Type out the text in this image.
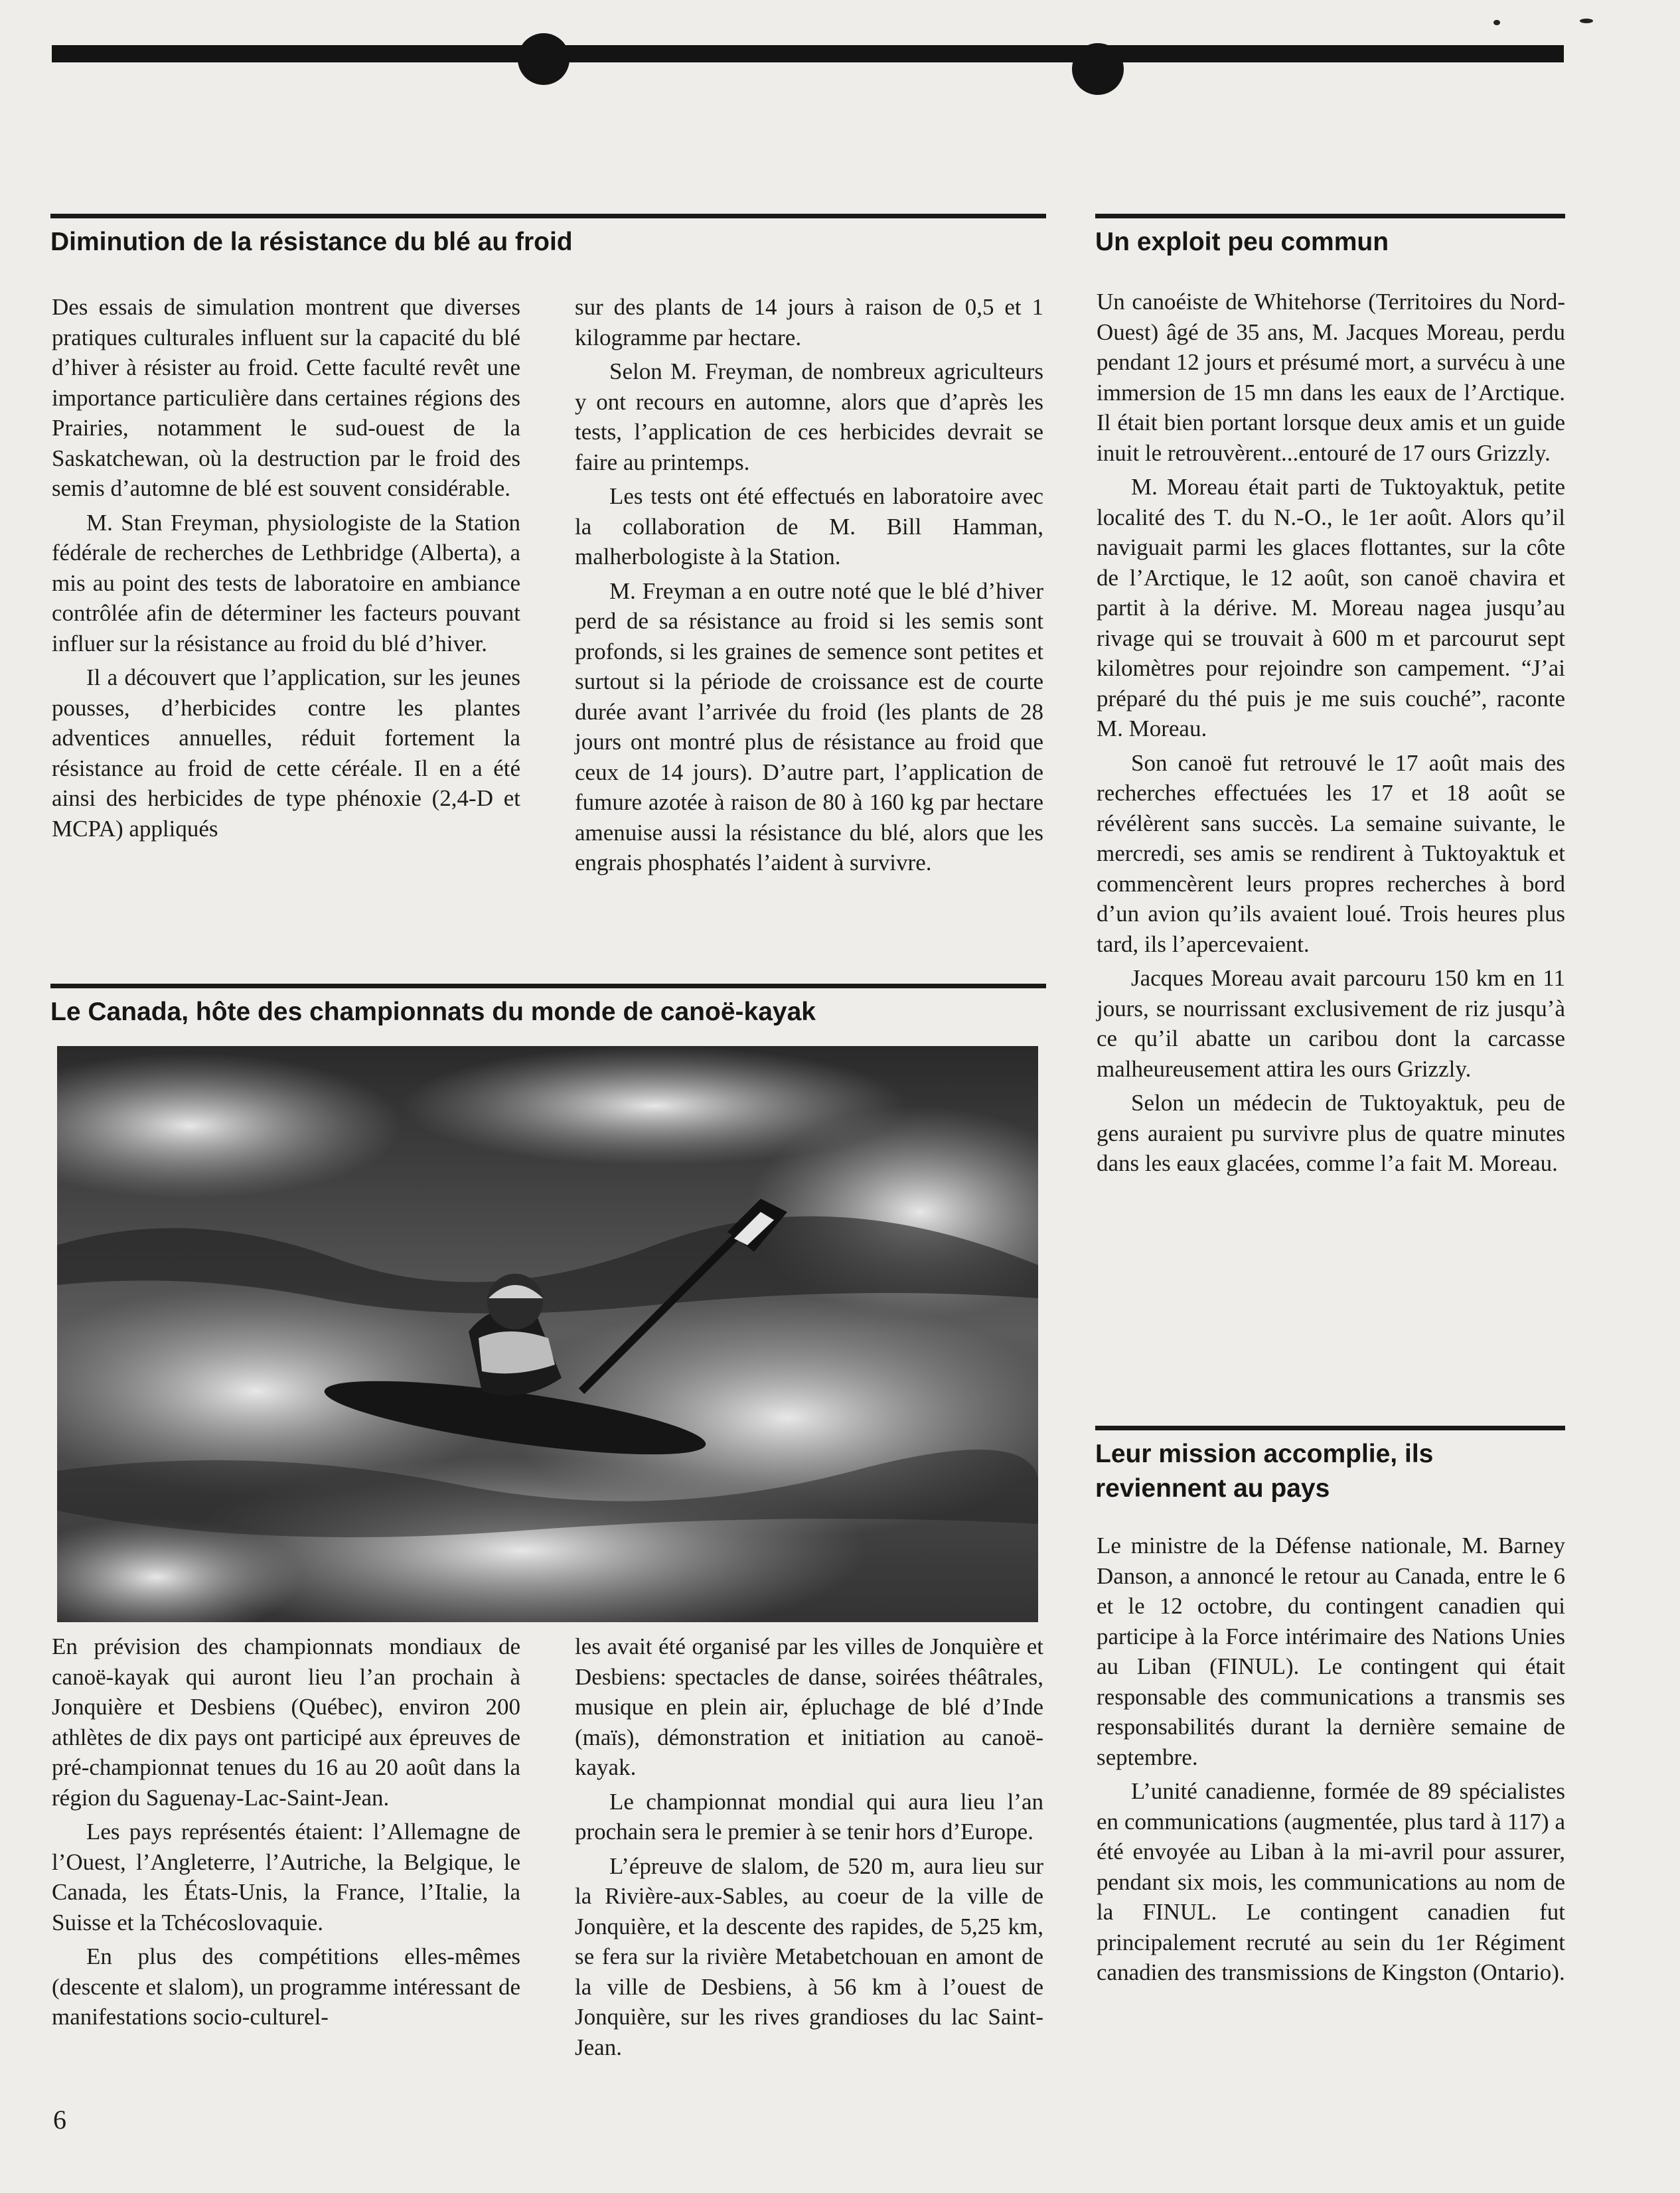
Diminution de la résistance du blé au froid

Des essais de simulation montrent que diverses pratiques culturales influent sur la capacité du blé d’hiver à résister au froid. Cette faculté revêt une importance particulière dans certaines régions des Prairies, notamment le sud-ouest de la Saskatchewan, où la destruction par le froid des semis d’automne de blé est souvent considérable.

M. Stan Freyman, physiologiste de la Station fédérale de recherches de Lethbridge (Alberta), a mis au point des tests de laboratoire en ambiance contrôlée afin de déterminer les facteurs pouvant influer sur la résistance au froid du blé d’hiver.

Il a découvert que l’application, sur les jeunes pousses, d’herbicides contre les plantes adventices annuelles, réduit fortement la résistance au froid de cette céréale. Il en a été ainsi des herbicides de type phénoxie (2,4-D et MCPA) appliqués

sur des plants de 14 jours à raison de 0,5 et 1 kilogramme par hectare.

Selon M. Freyman, de nombreux agriculteurs y ont recours en automne, alors que d’après les tests, l’application de ces herbicides devrait se faire au printemps.

Les tests ont été effectués en laboratoire avec la collaboration de M. Bill Hamman, malherbologiste à la Station.

M. Freyman a en outre noté que le blé d’hiver perd de sa résistance au froid si les semis sont profonds, si les graines de semence sont petites et surtout si la période de croissance est de courte durée avant l’arrivée du froid (les plants de 28 jours ont montré plus de résistance au froid que ceux de 14 jours). D’autre part, l’application de fumure azotée à raison de 80 à 160 kg par hectare amenuise aussi la résistance du blé, alors que les engrais phosphatés l’aident à survivre.

Le Canada, hôte des championnats du monde de canoë-kayak

En prévision des championnats mondiaux de canoë-kayak qui auront lieu l’an prochain à Jonquière et Desbiens (Québec), environ 200 athlètes de dix pays ont participé aux épreuves de pré-championnat tenues du 16 au 20 août dans la région du Saguenay-Lac-Saint-Jean.

Les pays représentés étaient: l’Allemagne de l’Ouest, l’Angleterre, l’Autriche, la Belgique, le Canada, les États-Unis, la France, l’Italie, la Suisse et la Tchécoslovaquie.

En plus des compétitions elles-mêmes (descente et slalom), un programme intéressant de manifestations socio-culturel-

les avait été organisé par les villes de Jonquière et Desbiens: spectacles de danse, soirées théâtrales, musique en plein air, épluchage de blé d’Inde (maïs), démonstration et initiation au canoë-kayak.

Le championnat mondial qui aura lieu l’an prochain sera le premier à se tenir hors d’Europe.

L’épreuve de slalom, de 520 m, aura lieu sur la Rivière-aux-Sables, au coeur de la ville de Jonquière, et la descente des rapides, de 5,25 km, se fera sur la rivière Metabetchouan en amont de la ville de Desbiens, à 56 km à l’ouest de Jonquière, sur les rives grandioses du lac Saint-Jean.

Un exploit peu commun

Un canoéiste de Whitehorse (Territoires du Nord-Ouest) âgé de 35 ans, M. Jacques Moreau, perdu pendant 12 jours et présumé mort, a survécu à une immersion de 15 mn dans les eaux de l’Arctique. Il était bien portant lorsque deux amis et un guide inuit le retrouvèrent...entouré de 17 ours Grizzly.

M. Moreau était parti de Tuktoyaktuk, petite localité des T. du N.-O., le 1er août. Alors qu’il naviguait parmi les glaces flottantes, sur la côte de l’Arctique, le 12 août, son canoë chavira et partit à la dérive. M. Moreau nagea jusqu’au rivage qui se trouvait à 600 m et parcourut sept kilomètres pour rejoindre son campement. “J’ai préparé du thé puis je me suis couché”, raconte M. Moreau.

Son canoë fut retrouvé le 17 août mais des recherches effectuées les 17 et 18 août se révélèrent sans succès. La semaine suivante, le mercredi, ses amis se rendirent à Tuktoyaktuk et commencèrent leurs propres recherches à bord d’un avion qu’ils avaient loué. Trois heures plus tard, ils l’apercevaient.

Jacques Moreau avait parcouru 150 km en 11 jours, se nourrissant exclusivement de riz jusqu’à ce qu’il abatte un caribou dont la carcasse malheureusement attira les ours Grizzly.

Selon un médecin de Tuktoyaktuk, peu de gens auraient pu survivre plus de quatre minutes dans les eaux glacées, comme l’a fait M. Moreau.

Leur mission accomplie, ils reviennent au pays

Le ministre de la Défense nationale, M. Barney Danson, a annoncé le retour au Canada, entre le 6 et le 12 octobre, du contingent canadien qui participe à la Force intérimaire des Nations Unies au Liban (FINUL). Le contingent qui était responsable des communications a transmis ses responsabilités durant la dernière semaine de septembre.

L’unité canadienne, formée de 89 spécialistes en communications (augmentée, plus tard à 117) a été envoyée au Liban à la mi-avril pour assurer, pendant six mois, les communications au nom de la FINUL. Le contingent canadien fut principalement recruté au sein du 1er Régiment canadien des transmissions de Kingston (Ontario).

6
